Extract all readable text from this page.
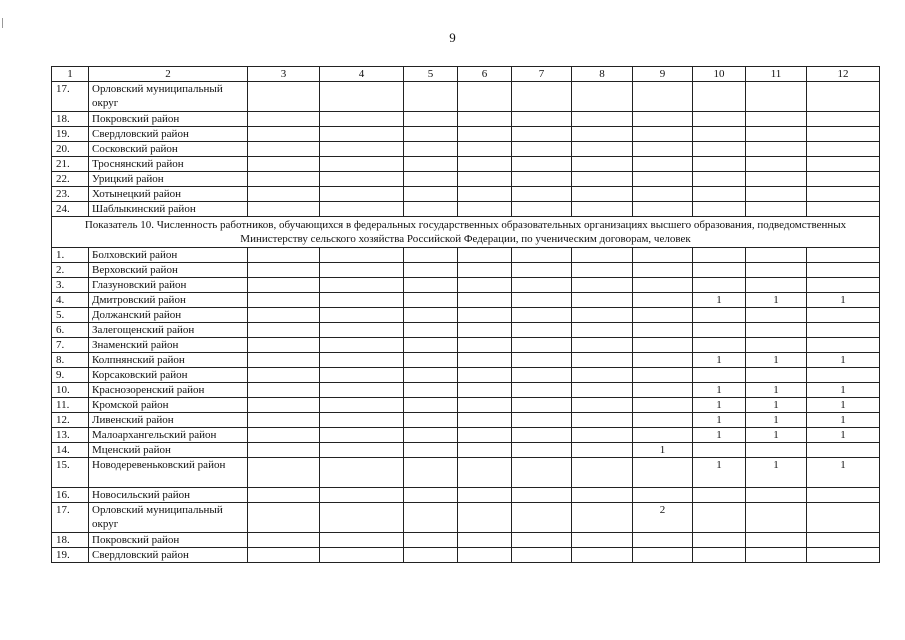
9
1	2	3	4	5	6	7	8	9	10	11	12
17.	Орловский муниципальный округ										
18.	Покровский район										
19.	Свердловский район										
20.	Сосковский район										
21.	Троснянский район										
22.	Урицкий район										
23.	Хотынецкий район										
24.	Шаблыкинский район										
Показатель 10. Численность работников, обучающихся в федеральных государственных образовательных организациях высшего образования, подведомственных Министерству сельского хозяйства Российской Федерации, по ученическим договорам, человек											
1.	Болховский район										
2.	Верховский район										
3.	Глазуновский район										
4.	Дмитровский район								1	1	1
5.	Должанский район										
6.	Залегощенский район										
7.	Знаменский район										
8.	Колпнянский район								1	1	1
9.	Корсаковский район										
10.	Краснозоренский район								1	1	1
11.	Кромской район								1	1	1
12.	Ливенский район								1	1	1
13.	Малоархангельский район								1	1	1
14.	Мценский район							1			
15.	Новодеревеньковский район								1	1	1
16.	Новосильский район										
17.	Орловский муниципальный округ							2			
18.	Покровский район										
19.	Свердловский район										
